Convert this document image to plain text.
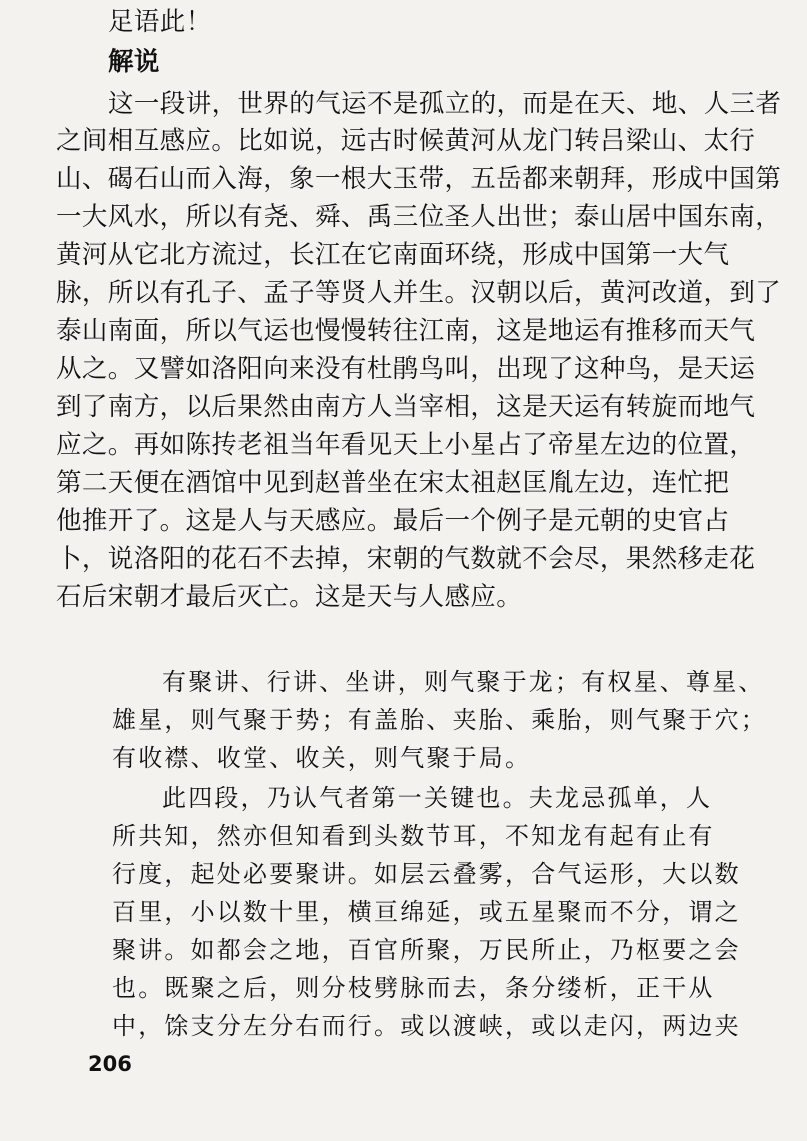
足语此！
解说
这一段讲，世界的气运不是孤立的，而是在天、地、人三者
之间相互感应。比如说，远古时候黄河从龙门转吕梁山、太行
山、碣石山而入海，象一根大玉带，五岳都来朝拜，形成中国第
一大风水，所以有尧、舜、禹三位圣人出世；泰山居中国东南，
黄河从它北方流过，长江在它南面环绕，形成中国第一大气
脉，所以有孔子、孟子等贤人并生。汉朝以后，黄河改道，到了
泰山南面，所以气运也慢慢转往江南，这是地运有推移而天气
从之。又譬如洛阳向来没有杜鹃鸟叫，出现了这种鸟，是天运
到了南方，以后果然由南方人当宰相，这是天运有转旋而地气
应之。再如陈抟老祖当年看见天上小星占了帝星左边的位置，
第二天便在酒馆中见到赵普坐在宋太祖赵匡胤左边，连忙把
他推开了。这是人与天感应。最后一个例子是元朝的史官占
卜，说洛阳的花石不去掉，宋朝的气数就不会尽，果然移走花
石后宋朝才最后灭亡。这是天与人感应。
有聚讲、行讲、坐讲，则气聚于龙；有权星、尊星、
雄星，则气聚于势；有盖胎、夹胎、乘胎，则气聚于穴；
有收襟、收堂、收关，则气聚于局。
此四段，乃认气者第一关键也。夫龙忌孤单，人
所共知，然亦但知看到头数节耳，不知龙有起有止有
行度，起处必要聚讲。如层云叠雾，合气运形，大以数
百里，小以数十里，横亘绵延，或五星聚而不分，谓之
聚讲。如都会之地，百官所聚，万民所止，乃枢要之会
也。既聚之后，则分枝劈脉而去，条分缕析，正干从
中，馀支分左分右而行。或以渡峡，或以走闪，两边夹
206
